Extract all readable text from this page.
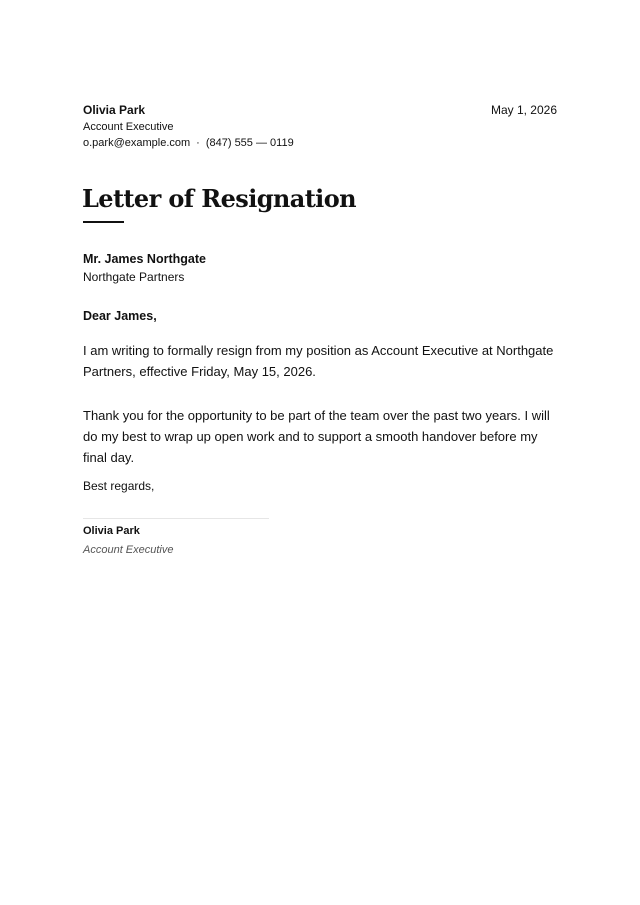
Olivia Park
Account Executive
o.park@example.com · (847) 555 — 0119
May 1, 2026
Letter of Resignation
Mr. James Northgate
Northgate Partners
Dear James,

I am writing to formally resign from my position as Account Executive at Northgate Partners, effective Friday, May 15, 2026.

Thank you for the opportunity to be part of the team over the past two years. I will do my best to wrap up open work and to support a smooth handover before my final day.

Best regards,
Olivia Park
Account Executive
